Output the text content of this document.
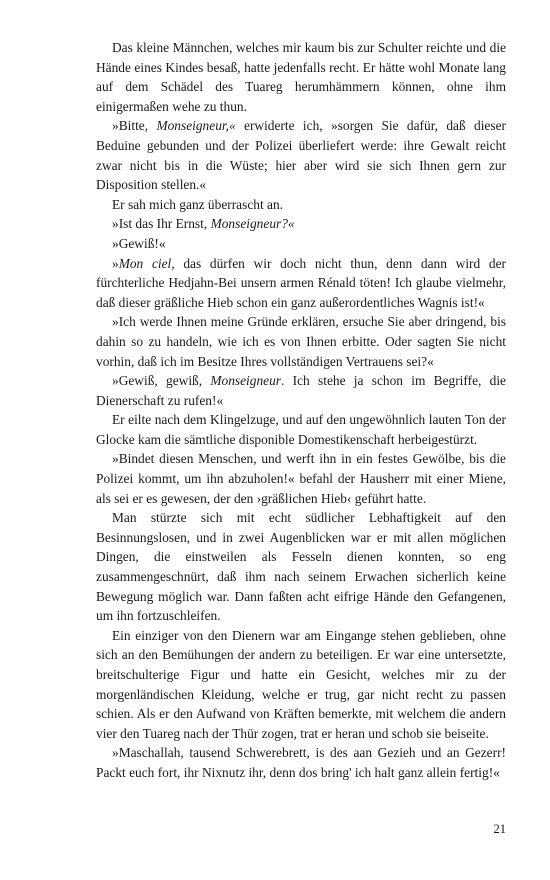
Das kleine Männchen, welches mir kaum bis zur Schulter reichte und die Hände eines Kindes besaß, hatte jedenfalls recht. Er hätte wohl Monate lang auf dem Schädel des Tuareg herumhämmern können, ohne ihm einigermaßen wehe zu thun.

»Bitte, Monseigneur,« erwiderte ich, »sorgen Sie dafür, daß dieser Beduine gebunden und der Polizei überliefert werde: ihre Gewalt reicht zwar nicht bis in die Wüste; hier aber wird sie sich Ihnen gern zur Disposition stellen.«

Er sah mich ganz überrascht an.

»Ist das Ihr Ernst, Monseigneur?«

»Gewiß!«

»Mon ciel, das dürfen wir doch nicht thun, denn dann wird der fürchterliche Hedjahn-Bei unsern armen Rénald töten! Ich glaube vielmehr, daß dieser gräßliche Hieb schon ein ganz außerordentliches Wagnis ist!«

»Ich werde Ihnen meine Gründe erklären, ersuche Sie aber dringend, bis dahin so zu handeln, wie ich es von Ihnen erbitte. Oder sagten Sie nicht vorhin, daß ich im Besitze Ihres vollständigen Vertrauens sei?«

»Gewiß, gewiß, Monseigneur. Ich stehe ja schon im Begriffe, die Dienerschaft zu rufen!«

Er eilte nach dem Klingelzuge, und auf den ungewöhnlich lauten Ton der Glocke kam die sämtliche disponible Domestikenschaft herbeigestürzt.

»Bindet diesen Menschen, und werft ihn in ein festes Gewölbe, bis die Polizei kommt, um ihn abzuholen!« befahl der Hausherr mit einer Miene, als sei er es gewesen, der den ›gräßlichen Hieb‹ geführt hatte.

Man stürzte sich mit echt südlicher Lebhaftigkeit auf den Besinnungslosen, und in zwei Augenblicken war er mit allen möglichen Dingen, die einstweilen als Fesseln dienen konnten, so eng zusammengeschnürt, daß ihm nach seinem Erwachen sicherlich keine Bewegung möglich war. Dann faßten acht eifrige Hände den Gefangenen, um ihn fortzuschleifen.

Ein einziger von den Dienern war am Eingange stehen geblieben, ohne sich an den Bemühungen der andern zu beteiligen. Er war eine untersetzte, breitschulterige Figur und hatte ein Gesicht, welches mir zu der morgenländischen Kleidung, welche er trug, gar nicht recht zu passen schien. Als er den Aufwand von Kräften bemerkte, mit welchem die andern vier den Tuareg nach der Thür zogen, trat er heran und schob sie beiseite.

»Maschallah, tausend Schwerebrett, is des aan Gezieh und an Gezerr! Packt euch fort, ihr Nixnutz ihr, denn dos bring' ich halt ganz allein fertig!«

21
